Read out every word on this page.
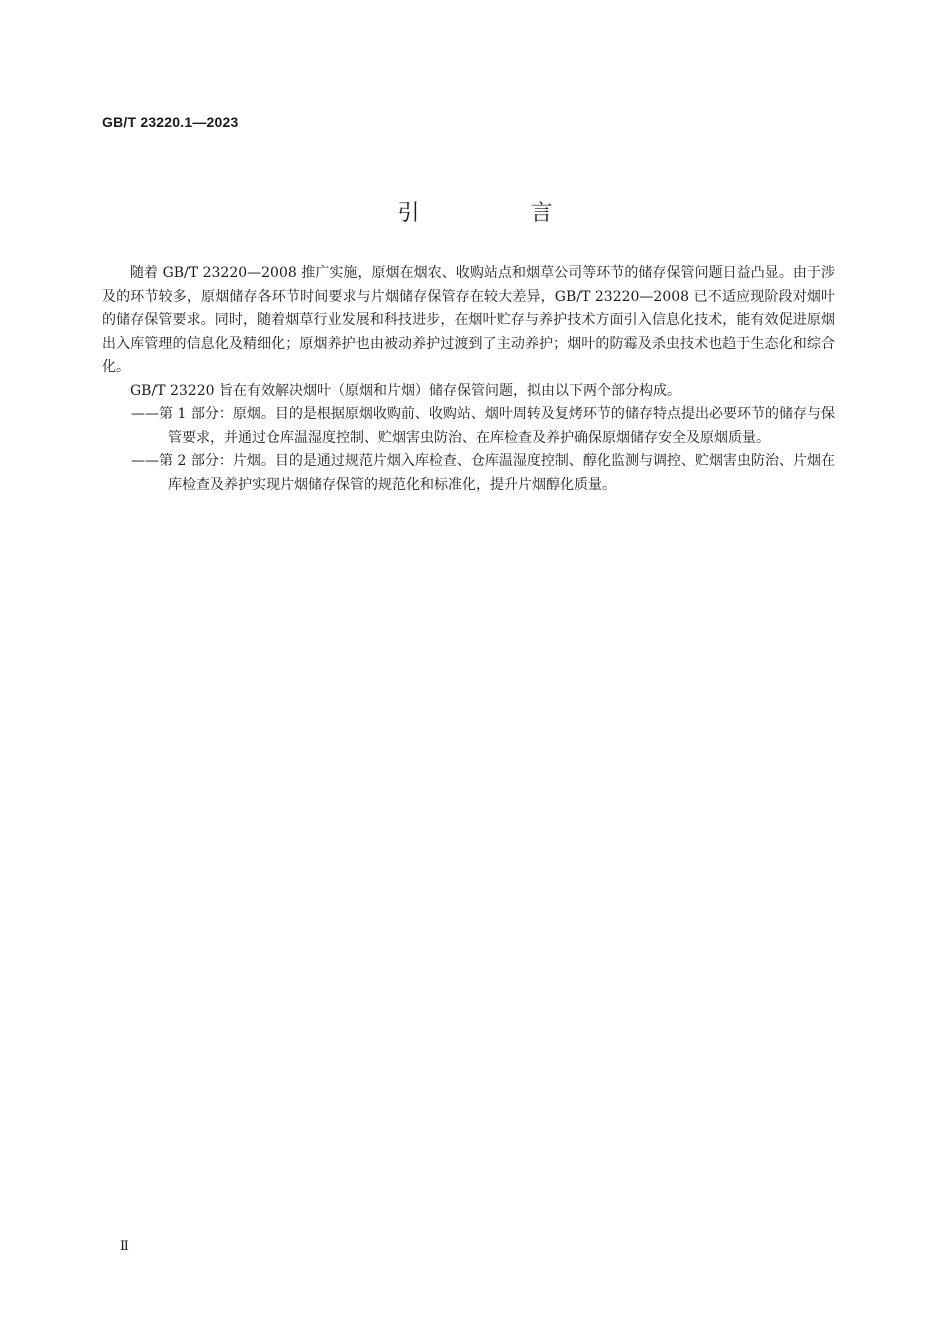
GB/T 23220.1—2023
引 言

随着 GB/T 23220—2008 推广实施，原烟在烟农、收购站点和烟草公司等环节的储存保管问题日益凸显。由于涉及的环节较多，原烟储存各环节时间要求与片烟储存保管存在较大差异，GB/T 23220—2008 已不适应现阶段对烟叶的储存保管要求。同时，随着烟草行业发展和科技进步，在烟叶贮存与养护技术方面引入信息化技术，能有效促进原烟出入库管理的信息化及精细化；原烟养护也由被动养护过渡到了主动养护；烟叶的防霉及杀虫技术也趋于生态化和综合化。

GB/T 23220 旨在有效解决烟叶（原烟和片烟）储存保管问题，拟由以下两个部分构成。

——第 1 部分：原烟。目的是根据原烟收购前、收购站、烟叶周转及复烤环节的储存特点提出必要环节的储存与保管要求，并通过仓库温湿度控制、贮烟害虫防治、在库检查及养护确保原烟储存安全及原烟质量。

——第 2 部分：片烟。目的是通过规范片烟入库检查、仓库温湿度控制、醇化监测与调控、贮烟害虫防治、片烟在库检查及养护实现片烟储存保管的规范化和标准化，提升片烟醇化质量。

Ⅱ
